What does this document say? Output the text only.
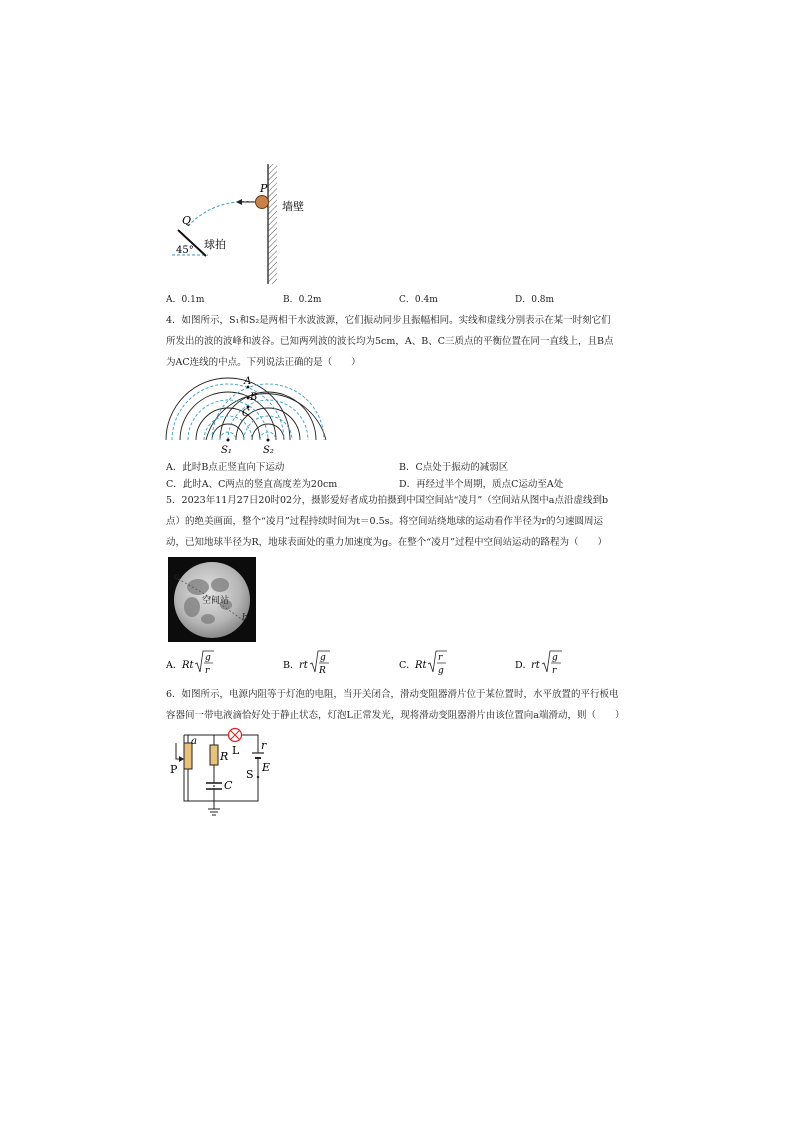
P
墙壁
Q
45° 球拍
A．0.1m	B．0.2m	C．0.4m	D．0.8m
4．如图所示，S₁和S₂是两相干水波波源，它们振动同步且振幅相同。实线和虚线分别表示在某一时刻它们
所发出的波的波峰和波谷。已知两列波的波长均为5cm，A、B、C三质点的平衡位置在同一直线上，且B点
为AC连线的中点。下列说法正确的是（　　）
A
B
C
S₁	S₂
A．此时B点正竖直向下运动	B．C点处于振动的减弱区
C．此时A、C两点的竖直高度差为20cm	D．再经过半个周期，质点C运动至A处
5．2023年11月27日20时02分，摄影爱好者成功拍摄到中国空间站“凌月”（空间站从图中a点沿虚线到b
点）的绝美画面，整个“凌月”过程持续时间为t＝0.5s。将空间站绕地球的运动看作半径为r的匀速圆周运
动，已知地球半径为R，地球表面处的重力加速度为g。在整个“凌月”过程中空间站运动的路程为（　　）
a
空间站
b
A． Rt
g
r	B． rt
g
R	C． Rt
r
g	D．
rt
g
r
6．如图所示，电源内阻等于灯泡的电阻，当开关闭合，滑动变阻器滑片位于某位置时，水平放置的平行板电
容器间一带电液滴恰好处于静止状态，灯泡L正常发光，现将滑动变阻器滑片由该位置向a端滑动，则（　　）
a
P
R L r
S
E
C
